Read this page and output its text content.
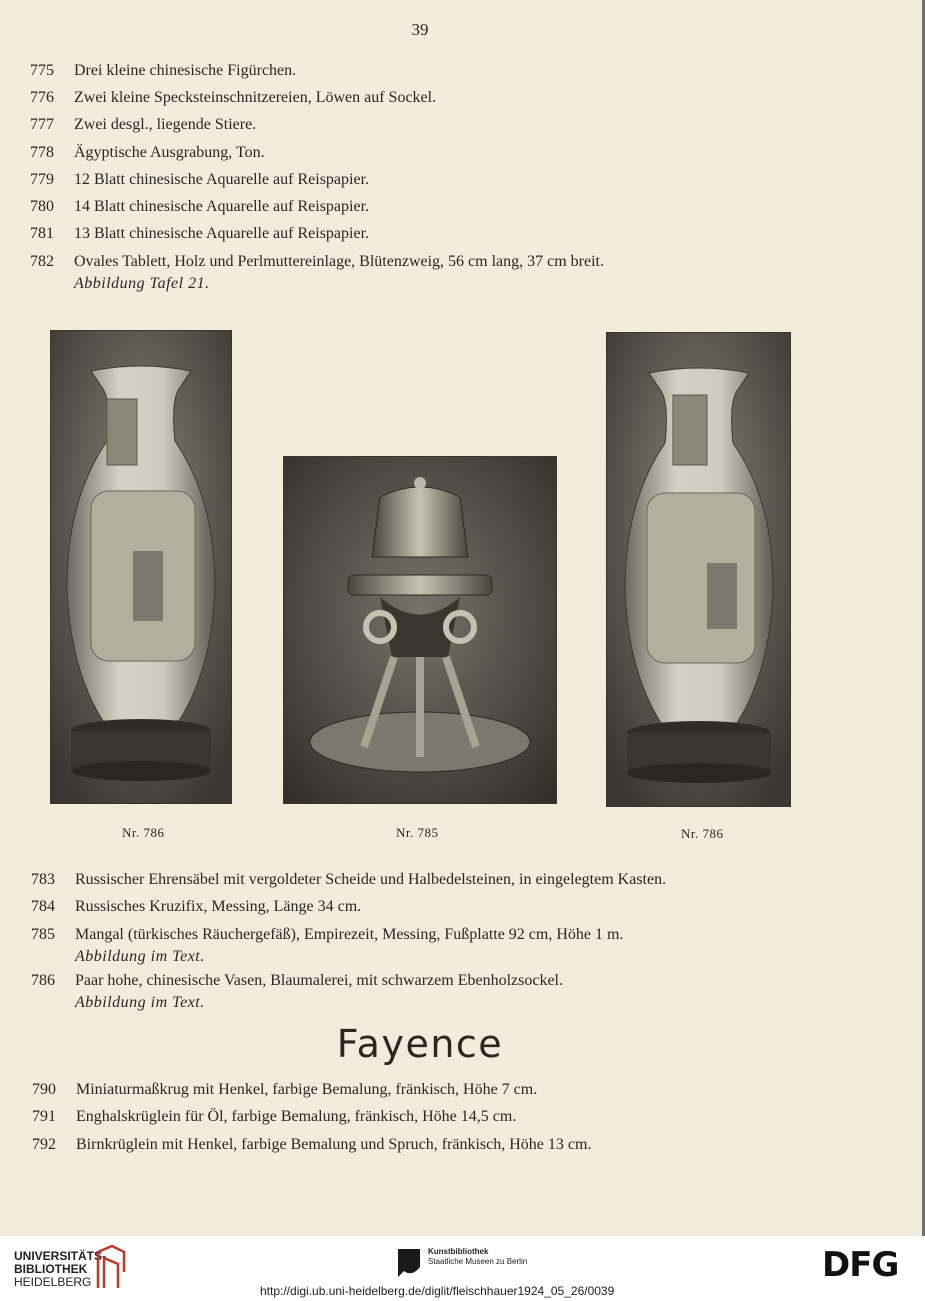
39
775	Drei kleine chinesische Figürchen.
776	Zwei kleine Specksteinschnitzereien, Löwen auf Sockel.
777	Zwei desgl., liegende Stiere.
778	Ägyptische Ausgrabung, Ton.
779	12 Blatt chinesische Aquarelle auf Reispapier.
780	14 Blatt chinesische Aquarelle auf Reispapier.
781	13 Blatt chinesische Aquarelle auf Reispapier.
782	Ovales Tablett, Holz und Perlmuttereinlage, Blütenzweig, 56 cm lang, 37 cm breit.
Abbildung Tafel 21.
Nr. 786	Nr. 785	Nr. 786
783	Russischer Ehrensäbel mit vergoldeter Scheide und Halbedelsteinen, in eingelegtem Kasten.
784	Russisches Kruzifix, Messing, Länge 34 cm.
785	Mangal (türkisches Räuchergefäß), Empirezeit, Messing, Fußplatte 92 cm, Höhe 1 m.
Abbildung im Text.
786	Paar hohe, chinesische Vasen, Blaumalerei, mit schwarzem Ebenholzsockel.
Abbildung im Text.
Fayence
790	Miniaturmaßkrug mit Henkel, farbige Bemalung, fränkisch, Höhe 7 cm.
791	Enghalskrüglein für Öl, farbige Bemalung, fränkisch, Höhe 14,5 cm.
792	Birnkrüglein mit Henkel, farbige Bemalung und Spruch, fränkisch, Höhe 13 cm.
UNIVERSITÄTS-
BIBLIOTHEK
HEIDELBERG
Kunstbibliothek
Staatliche Museen zu Berlin	DFG
http://digi.ub.uni-heidelberg.de/diglit/fleischhauer1924_05_26/0039
